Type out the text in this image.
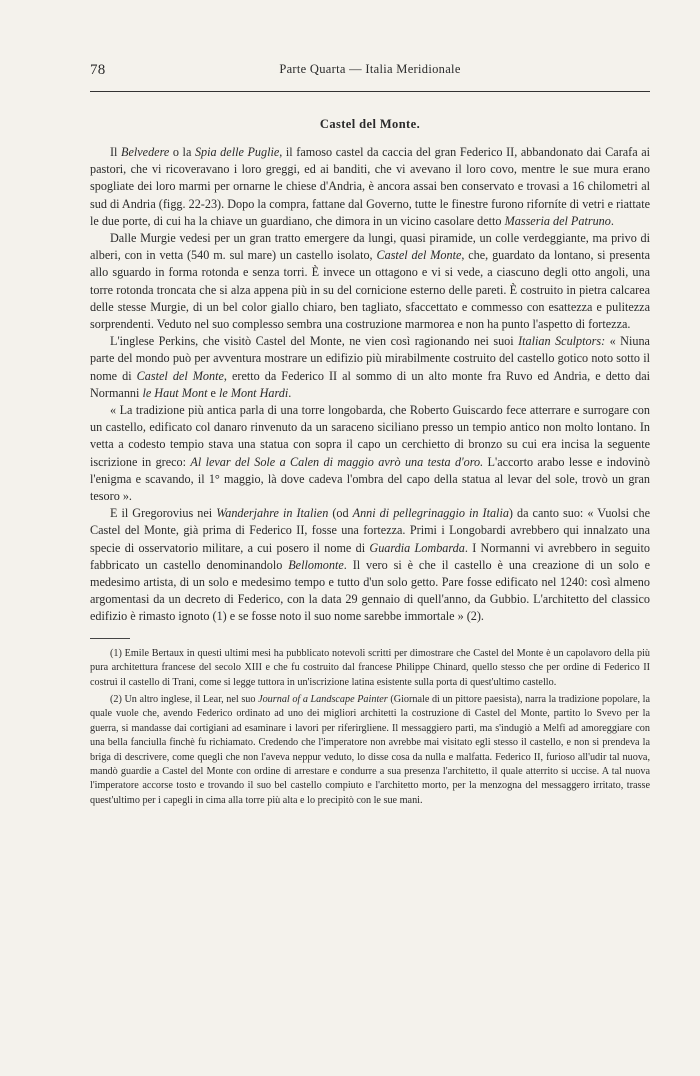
78	Parte Quarta — Italia Meridionale
Castel del Monte.

Il Belvedere o la Spia delle Puglie, il famoso castel da caccia del gran Federico II, abbandonato dai Carafa ai pastori, che vi ricoveravano i loro greggi, ed ai banditi, che vi avevano il loro covo, mentre le sue mura erano spogliate dei loro marmi per ornarne le chiese d'Andria, è ancora assai ben conservato e trovasi a 16 chilometri al sud di Andria (figg. 22-23). Dopo la compra, fattane dal Governo, tutte le finestre furono riforníte di vetri e riattate le due porte, di cui ha la chiave un guardiano, che dimora in un vicino casolare detto Masseria del Patruno.

Dalle Murgie vedesi per un gran tratto emergere da lungi, quasi piramide, un colle verdeggiante, ma privo di alberi, con in vetta (540 m. sul mare) un castello isolato, Castel del Monte, che, guardato da lontano, si presenta allo sguardo in forma rotonda e senza torri. È invece un ottagono e vi si vede, a ciascuno degli otto angoli, una torre rotonda troncata che si alza appena più in su del cornicione esterno delle pareti. È costruito in pietra calcarea delle stesse Murgie, di un bel color giallo chiaro, ben tagliato, sfaccettato e commesso con esattezza e pulitezza sorprendenti. Veduto nel suo complesso sembra una costruzione marmorea e non ha punto l'aspetto di fortezza.

L'inglese Perkins, che visitò Castel del Monte, ne vien così ragionando nei suoi Italian Sculptors: « Niuna parte del mondo può per avventura mostrare un edifizio più mirabilmente costruito del castello gotico noto sotto il nome di Castel del Monte, eretto da Federico II al sommo di un alto monte fra Ruvo ed Andria, e detto dai Normanni le Haut Mont e le Mont Hardi.

« La tradizione più antica parla di una torre longobarda, che Roberto Guiscardo fece atterrare e surrogare con un castello, edificato col danaro rinvenuto da un saraceno siciliano presso un tempio antico non molto lontano. In vetta a codesto tempio stava una statua con sopra il capo un cerchietto di bronzo su cui era incisa la seguente iscrizione in greco: Al levar del Sole a Calen di maggio avrò una testa d'oro. L'accorto arabo lesse e indovinò l'enigma e scavando, il 1° maggio, là dove cadeva l'ombra del capo della statua al levar del sole, trovò un gran tesoro ».

E il Gregorovius nei Wanderjahre in Italien (od Anni di pellegrinaggio in Italia) da canto suo: « Vuolsi che Castel del Monte, già prima di Federico II, fosse una fortezza. Primi i Longobardi avrebbero qui innalzato una specie di osservatorio militare, a cui posero il nome di Guardia Lombarda. I Normanni vi avrebbero in seguito fabbricato un castello denominandolo Bellomonte. Il vero si è che il castello è una creazione di un solo e medesimo artista, di un solo e medesimo tempo e tutto d'un solo getto. Pare fosse edificato nel 1240: così almeno argomentasi da un decreto di Federico, con la data 29 gennaio di quell'anno, da Gubbio. L'architetto del classico edifizio è rimasto ignoto (1) e se fosse noto il suo nome sarebbe immortale » (2).

(1) Emile Bertaux in questi ultimi mesi ha pubblicato notevoli scritti per dimostrare che Castel del Monte è un capolavoro della più pura architettura francese del secolo XIII e che fu costruito dal francese Philippe Chinard, quello stesso che per ordine di Federico II costruì il castello di Trani, come si legge tuttora in un'iscrizione latina esistente sulla porta di quest'ultimo castello.

(2) Un altro inglese, il Lear, nel suo Journal of a Landscape Painter (Giornale di un pittore paesista), narra la tradizione popolare, la quale vuole che, avendo Federico ordinato ad uno dei migliori architetti la costruzione di Castel del Monte, partito lo Svevo per la guerra, si mandasse dai cortigiani ad esaminare i lavori per riferirgliene. Il messaggiero partì, ma s'indugiò a Melfi ad amoreggiare con una bella fanciulla finchè fu richiamato. Credendo che l'imperatore non avrebbe mai visitato egli stesso il castello, e non si prendeva la briga di descrivere, come quegli che non l'aveva neppur veduto, lo disse cosa da nulla e malfatta. Federico II, furioso all'udir tal nuova, mandò guardie a Castel del Monte con ordine di arrestare e condurre a sua presenza l'architetto, il quale atterrito si uccise. A tal nuova l'imperatore accorse tosto e trovando il suo bel castello compiuto e l'architetto morto, per la menzogna del messaggero irritato, trasse quest'ultimo per i capegli in cima alla torre più alta e lo precipitò con le sue mani.
